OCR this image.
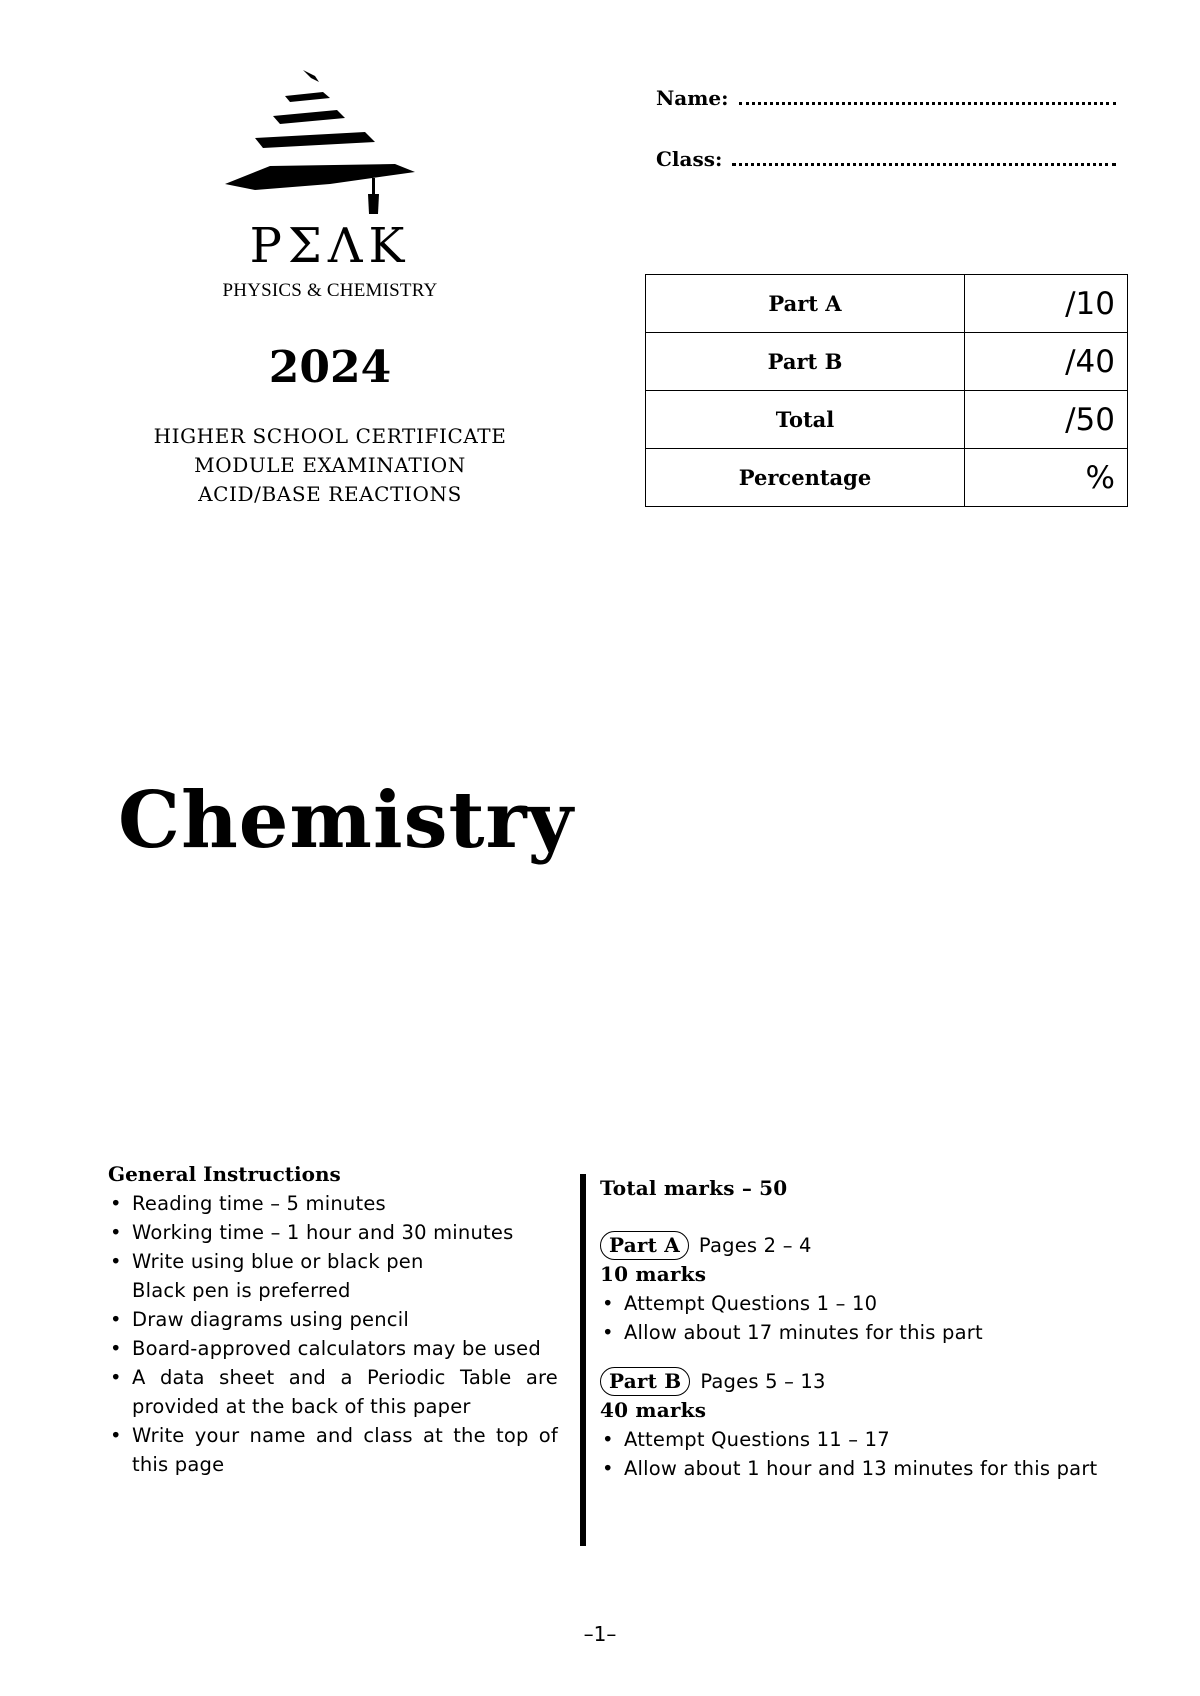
PΣΛK
PHYSICS & CHEMISTRY
2024
HIGHER SCHOOL CERTIFICATE
MODULE EXAMINATION
ACID/BASE REACTIONS
Name:
Class:
Part A	/10
Part B	/40
Total	/50
Percentage	%
Chemistry
General Instructions
• Reading time – 5 minutes
• Working time – 1 hour and 30 minutes
• Write using blue or black pen
Black pen is preferred
• Draw diagrams using pencil
• Board-approved calculators may be used
• A data sheet and a Periodic Table are provided at the back of this paper
• Write your name and class at the top of this page
Total marks – 50
Part A Pages 2 – 4
10 marks
• Attempt Questions 1 – 10
• Allow about 17 minutes for this part
Part B Pages 5 – 13
40 marks
• Attempt Questions 11 – 17
• Allow about 1 hour and 13 minutes for this part
–1–
